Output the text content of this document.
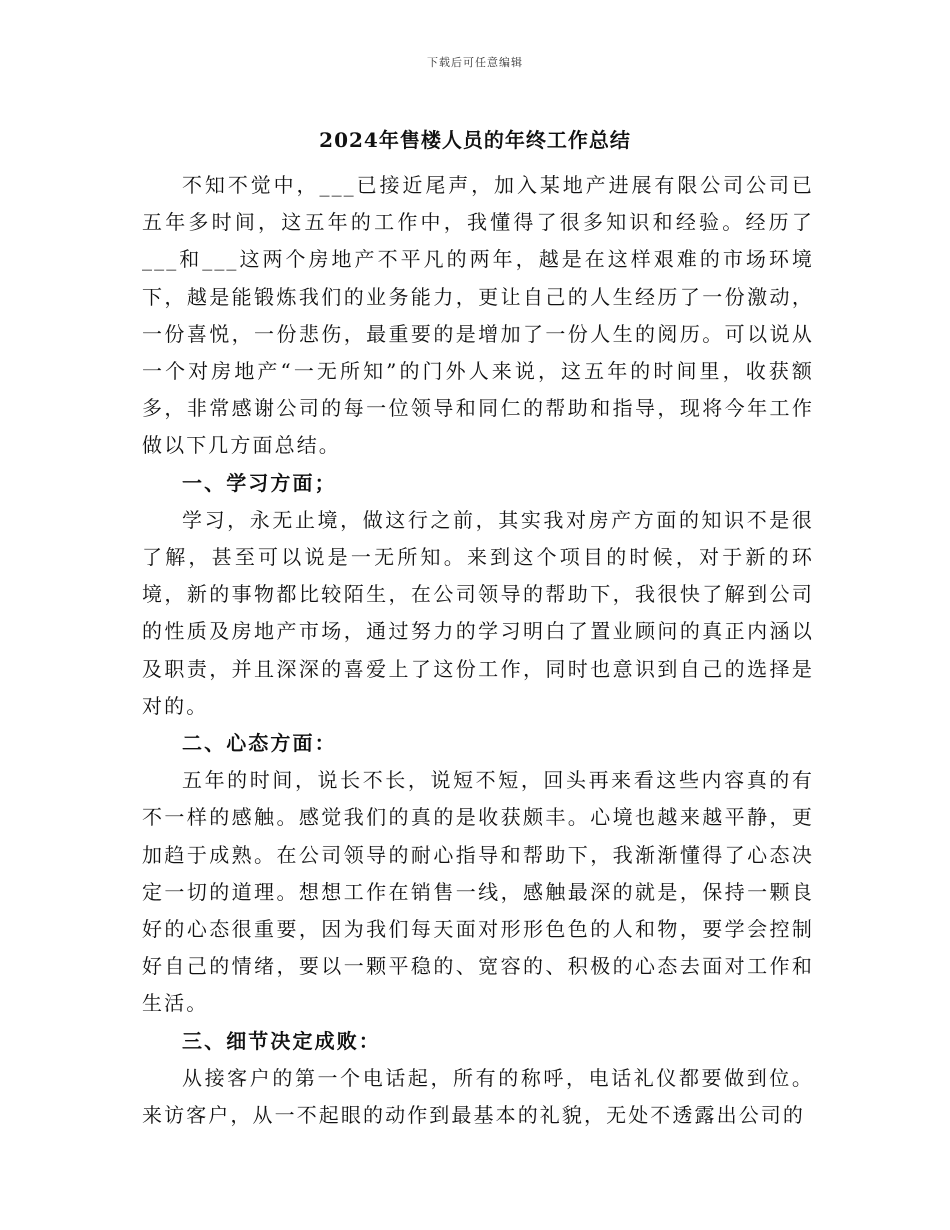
下载后可任意编辑
2024年售楼人员的年终工作总结

不知不觉中，___已接近尾声，加入某地产进展有限公司公司已五年多时间，这五年的工作中，我懂得了很多知识和经验。经历了___和___这两个房地产不平凡的两年，越是在这样艰难的市场环境下，越是能锻炼我们的业务能力，更让自己的人生经历了一份激动，一份喜悦，一份悲伤，最重要的是增加了一份人生的阅历。可以说从一个对房地产“一无所知”的门外人来说，这五年的时间里，收获额多，非常感谢公司的每一位领导和同仁的帮助和指导，现将今年工作做以下几方面总结。

一、学习方面；

学习，永无止境，做这行之前，其实我对房产方面的知识不是很了解，甚至可以说是一无所知。来到这个项目的时候，对于新的环境，新的事物都比较陌生，在公司领导的帮助下，我很快了解到公司的性质及房地产市场，通过努力的学习明白了置业顾问的真正内涵以及职责，并且深深的喜爱上了这份工作，同时也意识到自己的选择是对的。

二、心态方面：

五年的时间，说长不长，说短不短，回头再来看这些内容真的有不一样的感触。感觉我们的真的是收获颇丰。心境也越来越平静，更加趋于成熟。在公司领导的耐心指导和帮助下，我渐渐懂得了心态决定一切的道理。想想工作在销售一线，感触最深的就是，保持一颗良好的心态很重要，因为我们每天面对形形色色的人和物，要学会控制好自己的情绪，要以一颗平稳的、宽容的、积极的心态去面对工作和生活。

三、细节决定成败：

从接客户的第一个电话起，所有的称呼，电话礼仪都要做到位。来访客户，从一不起眼的动作到最基本的礼貌，无处不透露出公司的
